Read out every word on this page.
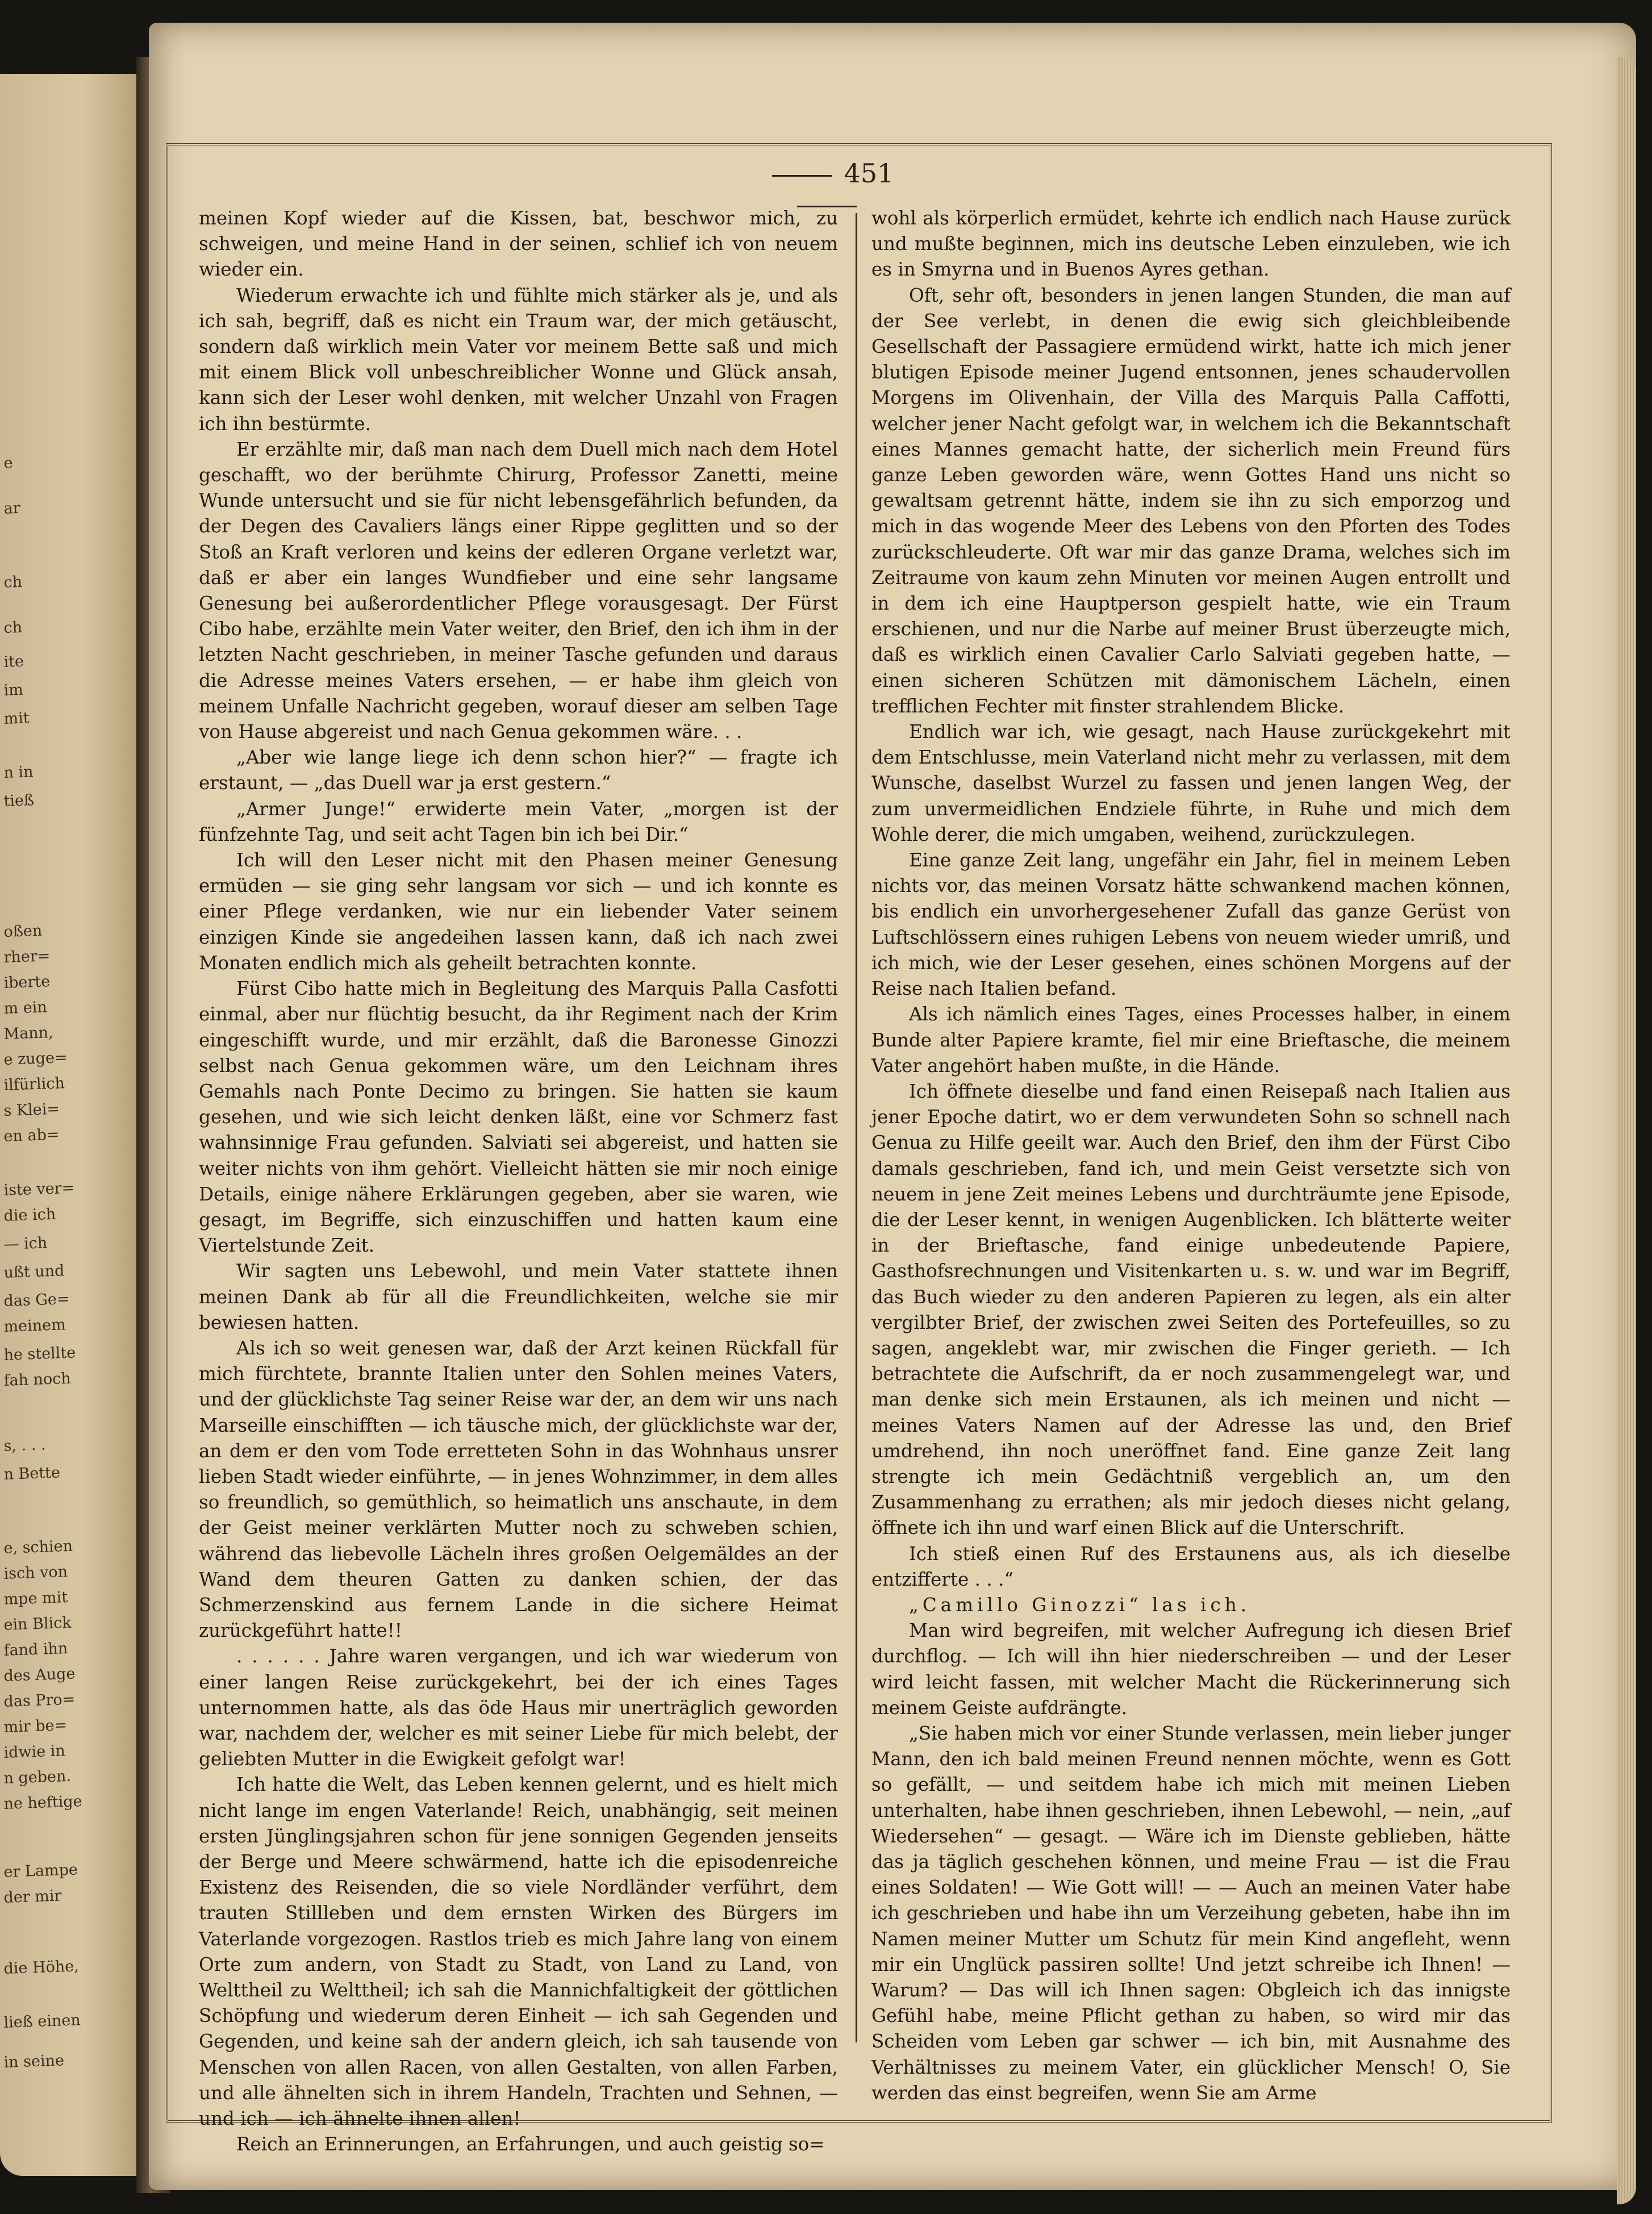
e
ar
ch
ch
ite
im
mit
n in
tieß
oßen
rher=
iberte
m ein
Mann,
e zuge=
ilfürlich
s Klei=
en ab=
iste ver=
die ich
— ich
ußt und
das Ge=
meinem
he stellte
fah noch
s, . . .
n Bette
e, schien
isch von
mpe mit
ein Blick
fand ihn
des Auge
das Pro=
mir be=
idwie in
n geben.
ne heftige
er Lampe
der mir
die Höhe,
ließ einen
in seine
451

meinen Kopf wieder auf die Kissen, bat, beschwor mich, zu schweigen, und meine Hand in der seinen, schlief ich von neuem wieder ein.

Wiederum erwachte ich und fühlte mich stärker als je, und als ich sah, begriff, daß es nicht ein Traum war, der mich getäuscht, sondern daß wirklich mein Vater vor meinem Bette saß und mich mit einem Blick voll unbeschreiblicher Wonne und Glück ansah, kann sich der Leser wohl denken, mit welcher Unzahl von Fragen ich ihn bestürmte.

Er erzählte mir, daß man nach dem Duell mich nach dem Hotel geschafft, wo der berühmte Chirurg, Professor Zanetti, meine Wunde untersucht und sie für nicht lebensgefährlich befunden, da der Degen des Cavaliers längs einer Rippe geglitten und so der Stoß an Kraft verloren und keins der edleren Organe verletzt war, daß er aber ein langes Wundfieber und eine sehr langsame Genesung bei außerordentlicher Pflege vorausgesagt. Der Fürst Cibo habe, erzählte mein Vater weiter, den Brief, den ich ihm in der letzten Nacht geschrieben, in meiner Tasche gefunden und daraus die Adresse meines Vaters ersehen, — er habe ihm gleich von meinem Unfalle Nachricht gegeben, worauf dieser am selben Tage von Hause abgereist und nach Genua gekommen wäre. . .

„Aber wie lange liege ich denn schon hier?“ — fragte ich erstaunt, — „das Duell war ja erst gestern.“

„Armer Junge!“ erwiderte mein Vater, „morgen ist der fünfzehnte Tag, und seit acht Tagen bin ich bei Dir.“

Ich will den Leser nicht mit den Phasen meiner Genesung ermüden — sie ging sehr langsam vor sich — und ich konnte es einer Pflege verdanken, wie nur ein liebender Vater seinem einzigen Kinde sie angedeihen lassen kann, daß ich nach zwei Monaten endlich mich als geheilt betrachten konnte.

Fürst Cibo hatte mich in Begleitung des Marquis Palla Casfotti einmal, aber nur flüchtig besucht, da ihr Regiment nach der Krim eingeschifft wurde, und mir erzählt, daß die Baronesse Ginozzi selbst nach Genua gekommen wäre, um den Leichnam ihres Gemahls nach Ponte Decimo zu bringen. Sie hatten sie kaum gesehen, und wie sich leicht denken läßt, eine vor Schmerz fast wahnsinnige Frau gefunden. Salviati sei abgereist, und hatten sie weiter nichts von ihm gehört. Vielleicht hätten sie mir noch einige Details, einige nähere Erklärungen gegeben, aber sie waren, wie gesagt, im Begriffe, sich einzuschiffen und hatten kaum eine Viertelstunde Zeit.

Wir sagten uns Lebewohl, und mein Vater stattete ihnen meinen Dank ab für all die Freundlichkeiten, welche sie mir bewiesen hatten.

Als ich so weit genesen war, daß der Arzt keinen Rückfall für mich fürchtete, brannte Italien unter den Sohlen meines Vaters, und der glücklichste Tag seiner Reise war der, an dem wir uns nach Marseille einschifften — ich täusche mich, der glücklichste war der, an dem er den vom Tode erretteten Sohn in das Wohnhaus unsrer lieben Stadt wieder einführte, — in jenes Wohnzimmer, in dem alles so freundlich, so gemüthlich, so heimatlich uns anschaute, in dem der Geist meiner verklärten Mutter noch zu schweben schien, während das liebevolle Lächeln ihres großen Oelgemäldes an der Wand dem theuren Gatten zu danken schien, der das Schmerzenskind aus fernem Lande in die sichere Heimat zurückgeführt hatte!!

. . . . . . Jahre waren vergangen, und ich war wiederum von einer langen Reise zurückgekehrt, bei der ich eines Tages unternommen hatte, als das öde Haus mir unerträglich geworden war, nachdem der, welcher es mit seiner Liebe für mich belebt, der geliebten Mutter in die Ewigkeit gefolgt war!

Ich hatte die Welt, das Leben kennen gelernt, und es hielt mich nicht lange im engen Vaterlande! Reich, unabhängig, seit meinen ersten Jünglingsjahren schon für jene sonnigen Gegenden jenseits der Berge und Meere schwärmend, hatte ich die episodenreiche Existenz des Reisenden, die so viele Nordländer verführt, dem trauten Stillleben und dem ernsten Wirken des Bürgers im Vaterlande vorgezogen. Rastlos trieb es mich Jahre lang von einem Orte zum andern, von Stadt zu Stadt, von Land zu Land, von Welttheil zu Welttheil; ich sah die Mannichfaltigkeit der göttlichen Schöpfung und wiederum deren Einheit — ich sah Gegenden und Gegenden, und keine sah der andern gleich, ich sah tausende von Menschen von allen Racen, von allen Gestalten, von allen Farben, und alle ähnelten sich in ihrem Handeln, Trachten und Sehnen, — und ich — ich ähnelte ihnen allen!

Reich an Erinnerungen, an Erfahrungen, und auch geistig so=

wohl als körperlich ermüdet, kehrte ich endlich nach Hause zurück und mußte beginnen, mich ins deutsche Leben einzuleben, wie ich es in Smyrna und in Buenos Ayres gethan.

Oft, sehr oft, besonders in jenen langen Stunden, die man auf der See verlebt, in denen die ewig sich gleichbleibende Gesellschaft der Passagiere ermüdend wirkt, hatte ich mich jener blutigen Episode meiner Jugend entsonnen, jenes schaudervollen Morgens im Olivenhain, der Villa des Marquis Palla Caffotti, welcher jener Nacht gefolgt war, in welchem ich die Bekanntschaft eines Mannes gemacht hatte, der sicherlich mein Freund fürs ganze Leben geworden wäre, wenn Gottes Hand uns nicht so gewaltsam getrennt hätte, indem sie ihn zu sich emporzog und mich in das wogende Meer des Lebens von den Pforten des Todes zurückschleuderte. Oft war mir das ganze Drama, welches sich im Zeitraume von kaum zehn Minuten vor meinen Augen entrollt und in dem ich eine Hauptperson gespielt hatte, wie ein Traum erschienen, und nur die Narbe auf meiner Brust überzeugte mich, daß es wirklich einen Cavalier Carlo Salviati gegeben hatte, — einen sicheren Schützen mit dämonischem Lächeln, einen trefflichen Fechter mit finster strahlendem Blicke.

Endlich war ich, wie gesagt, nach Hause zurückgekehrt mit dem Entschlusse, mein Vaterland nicht mehr zu verlassen, mit dem Wunsche, daselbst Wurzel zu fassen und jenen langen Weg, der zum unvermeidlichen Endziele führte, in Ruhe und mich dem Wohle derer, die mich umgaben, weihend, zurückzulegen.

Eine ganze Zeit lang, ungefähr ein Jahr, fiel in meinem Leben nichts vor, das meinen Vorsatz hätte schwankend machen können, bis endlich ein unvorhergesehener Zufall das ganze Gerüst von Luftschlössern eines ruhigen Lebens von neuem wieder umriß, und ich mich, wie der Leser gesehen, eines schönen Morgens auf der Reise nach Italien befand.

Als ich nämlich eines Tages, eines Processes halber, in einem Bunde alter Papiere kramte, fiel mir eine Brieftasche, die meinem Vater angehört haben mußte, in die Hände.

Ich öffnete dieselbe und fand einen Reisepaß nach Italien aus jener Epoche datirt, wo er dem verwundeten Sohn so schnell nach Genua zu Hilfe geeilt war. Auch den Brief, den ihm der Fürst Cibo damals geschrieben, fand ich, und mein Geist versetzte sich von neuem in jene Zeit meines Lebens und durchträumte jene Episode, die der Leser kennt, in wenigen Augenblicken. Ich blätterte weiter in der Brieftasche, fand einige unbedeutende Papiere, Gasthofsrechnungen und Visitenkarten u. s. w. und war im Begriff, das Buch wieder zu den anderen Papieren zu legen, als ein alter vergilbter Brief, der zwischen zwei Seiten des Portefeuilles, so zu sagen, angeklebt war, mir zwischen die Finger gerieth. — Ich betrachtete die Aufschrift, da er noch zusammengelegt war, und man denke sich mein Erstaunen, als ich meinen und nicht — meines Vaters Namen auf der Adresse las und, den Brief umdrehend, ihn noch uneröffnet fand. Eine ganze Zeit lang strengte ich mein Gedächtniß vergeblich an, um den Zusammenhang zu errathen; als mir jedoch dieses nicht gelang, öffnete ich ihn und warf einen Blick auf die Unterschrift.

Ich stieß einen Ruf des Erstaunens aus, als ich dieselbe entzifferte . . .“

„Camillo Ginozzi“ las ich.

Man wird begreifen, mit welcher Aufregung ich diesen Brief durchflog. — Ich will ihn hier niederschreiben — und der Leser wird leicht fassen, mit welcher Macht die Rückerinnerung sich meinem Geiste aufdrängte.

„Sie haben mich vor einer Stunde verlassen, mein lieber junger Mann, den ich bald meinen Freund nennen möchte, wenn es Gott so gefällt, — und seitdem habe ich mich mit meinen Lieben unterhalten, habe ihnen geschrieben, ihnen Lebewohl, — nein, „auf Wiedersehen“ — gesagt. — Wäre ich im Dienste geblieben, hätte das ja täglich geschehen können, und meine Frau — ist die Frau eines Soldaten! — Wie Gott will! — — Auch an meinen Vater habe ich geschrieben und habe ihn um Verzeihung gebeten, habe ihn im Namen meiner Mutter um Schutz für mein Kind angefleht, wenn mir ein Unglück passiren sollte! Und jetzt schreibe ich Ihnen! — Warum? — Das will ich Ihnen sagen: Obgleich ich das innigste Gefühl habe, meine Pflicht gethan zu haben, so wird mir das Scheiden vom Leben gar schwer — ich bin, mit Ausnahme des Verhältnisses zu meinem Vater, ein glücklicher Mensch! O, Sie werden das einst begreifen, wenn Sie am Arme
